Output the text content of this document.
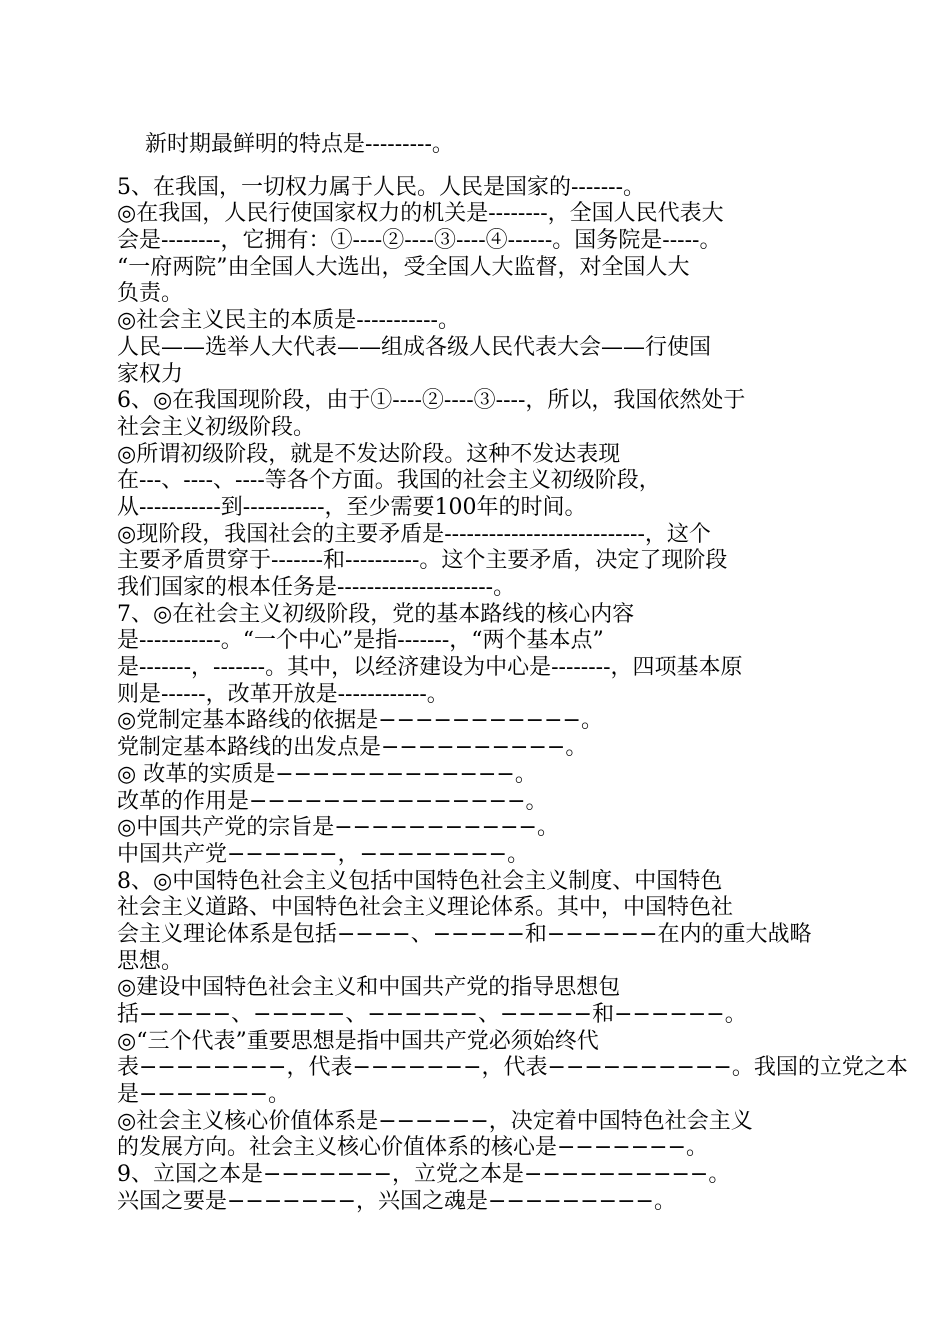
新时期最鲜明的特点是---------。
5、在我国，一切权力属于人民。人民是国家的-------。
◎在我国，人民行使国家权力的机关是--------，全国人民代表大
会是--------，它拥有：①----②----③----④------。国务院是-----。
“一府两院”由全国人大选出，受全国人大监督，对全国人大
负责。
◎社会主义民主的本质是-----------。
人民——选举人大代表——组成各级人民代表大会——行使国
家权力
6、◎在我国现阶段，由于①----②----③----，所以，我国依然处于
社会主义初级阶段。
◎所谓初级阶段，就是不发达阶段。这种不发达表现
在---、----、----等各个方面。我国的社会主义初级阶段，
从-----------到-----------，至少需要100年的时间。
◎现阶段，我国社会的主要矛盾是---------------------------，这个
主要矛盾贯穿于-------和----------。这个主要矛盾，决定了现阶段
我们国家的根本任务是---------------------。
7、◎在社会主义初级阶段，党的基本路线的核心内容
是-----------。“一个中心”是指-------，“两个基本点”
是-------，-------。其中，以经济建设为中心是--------，四项基本原
则是------，改革开放是------------。
◎党制定基本路线的依据是−−−−−−−−−−−。
党制定基本路线的出发点是−−−−−−−−−−。
◎ 改革的实质是−−−−−−−−−−−−−。
改革的作用是−−−−−−−−−−−−−−−。
◎中国共产党的宗旨是−−−−−−−−−−−。
中国共产党−−−−−−，−−−−−−−−。
8、◎中国特色社会主义包括中国特色社会主义制度、中国特色
社会主义道路、中国特色社会主义理论体系。其中，中国特色社
会主义理论体系是包括−−−−、−−−−−和−−−−−−在内的重大战略
思想。
◎建设中国特色社会主义和中国共产党的指导思想包
括−−−−−、−−−−−、−−−−−−、−−−−−和−−−−−−。
◎“三个代表”重要思想是指中国共产党必须始终代
表−−−−−−−−，代表−−−−−−−，代表−−−−−−−−−−。我国的立党之本
是−−−−−−−。
◎社会主义核心价值体系是−−−−−−，决定着中国特色社会主义
的发展方向。社会主义核心价值体系的核心是−−−−−−−。
9、立国之本是−−−−−−−，立党之本是−−−−−−−−−−。
兴国之要是−−−−−−−，兴国之魂是−−−−−−−−−。
